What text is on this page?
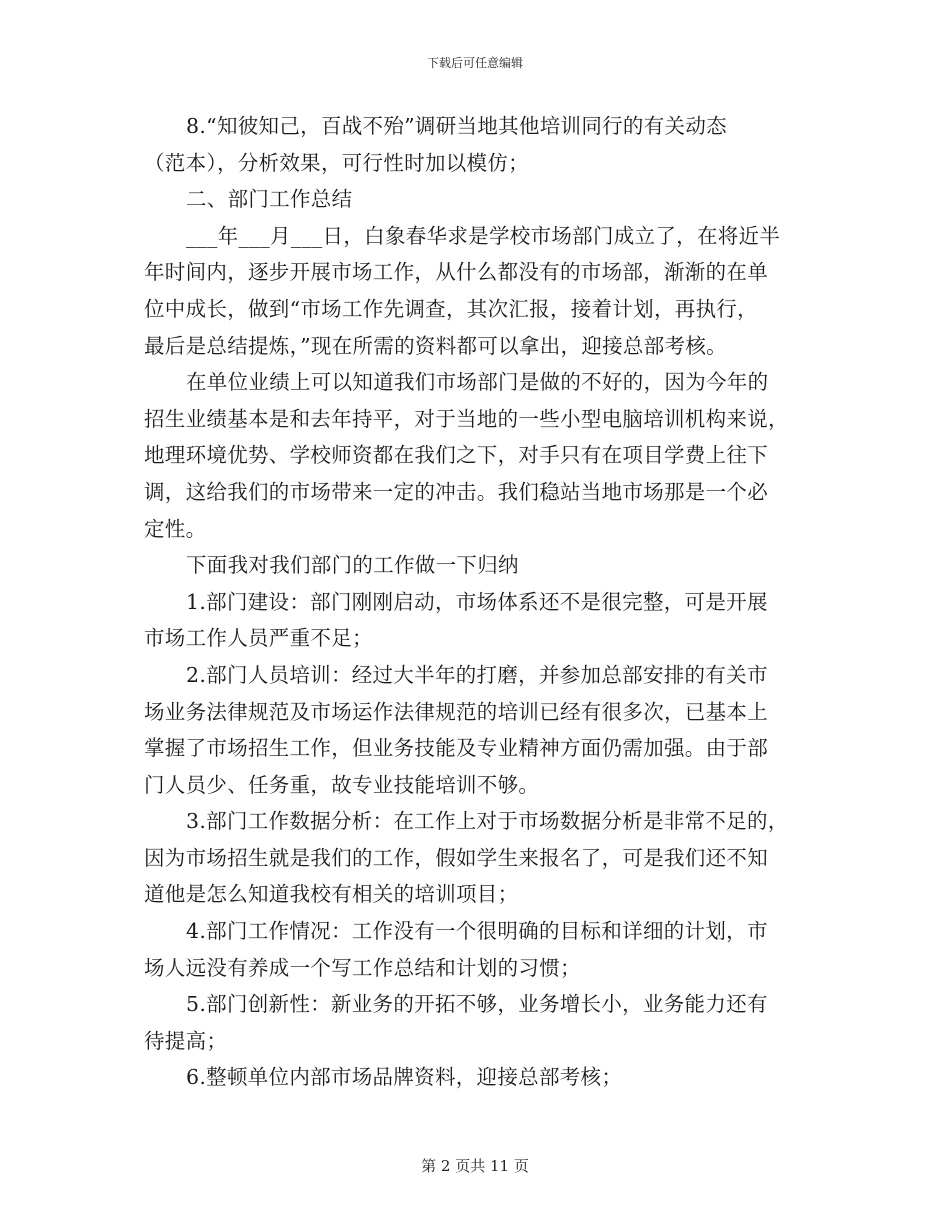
下载后可任意编辑
8.“知彼知己，百战不殆”调研当地其他培训同行的有关动态
（范本），分析效果，可行性时加以模仿；
二、部门工作总结
___年___月___日，白象春华求是学校市场部门成立了，在将近半
年时间内，逐步开展市场工作，从什么都没有的市场部，渐渐的在单
位中成长，做到“市场工作先调查，其次汇报，接着计划，再执行，
最后是总结提炼，”现在所需的资料都可以拿出，迎接总部考核。
在单位业绩上可以知道我们市场部门是做的不好的，因为今年的
招生业绩基本是和去年持平，对于当地的一些小型电脑培训机构来说，
地理环境优势、学校师资都在我们之下，对手只有在项目学费上往下
调，这给我们的市场带来一定的冲击。我们稳站当地市场那是一个必
定性。
下面我对我们部门的工作做一下归纳
1.部门建设：部门刚刚启动，市场体系还不是很完整，可是开展
市场工作人员严重不足；
2.部门人员培训：经过大半年的打磨，并参加总部安排的有关市
场业务法律规范及市场运作法律规范的培训已经有很多次，已基本上
掌握了市场招生工作，但业务技能及专业精神方面仍需加强。由于部
门人员少、任务重，故专业技能培训不够。
3.部门工作数据分析：在工作上对于市场数据分析是非常不足的，
因为市场招生就是我们的工作，假如学生来报名了，可是我们还不知
道他是怎么知道我校有相关的培训项目；
4.部门工作情况：工作没有一个很明确的目标和详细的计划，市
场人远没有养成一个写工作总结和计划的习惯；
5.部门创新性：新业务的开拓不够，业务增长小，业务能力还有
待提高；
6.整顿单位内部市场品牌资料，迎接总部考核；
第 2 页共 11 页
